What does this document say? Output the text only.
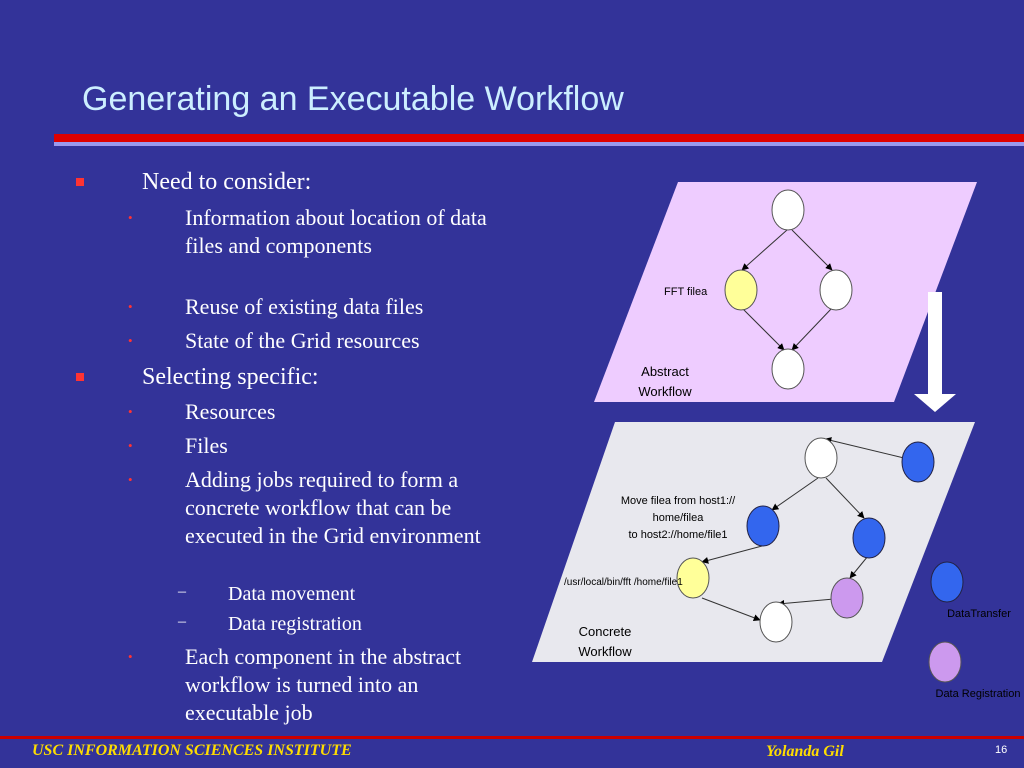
Generating an Executable Workflow
Need to consider:
• Information about location of data files and components
• Reuse of existing data files
• State of the Grid resources
Selecting specific:
• Resources
• Files
• Adding jobs required to form a concrete workflow that can be executed in the Grid environment
– Data movement
– Data registration
• Each component in the abstract workflow is turned into an executable job
FFT filea
Abstract
Workflow
Move filea from host1://
home/filea
to host2://home/file1
/usr/local/bin/fft /home/file1
Concrete
Workflow
DataTransfer
Data Registration
USC INFORMATION SCIENCES INSTITUTE	Yolanda Gil	16
